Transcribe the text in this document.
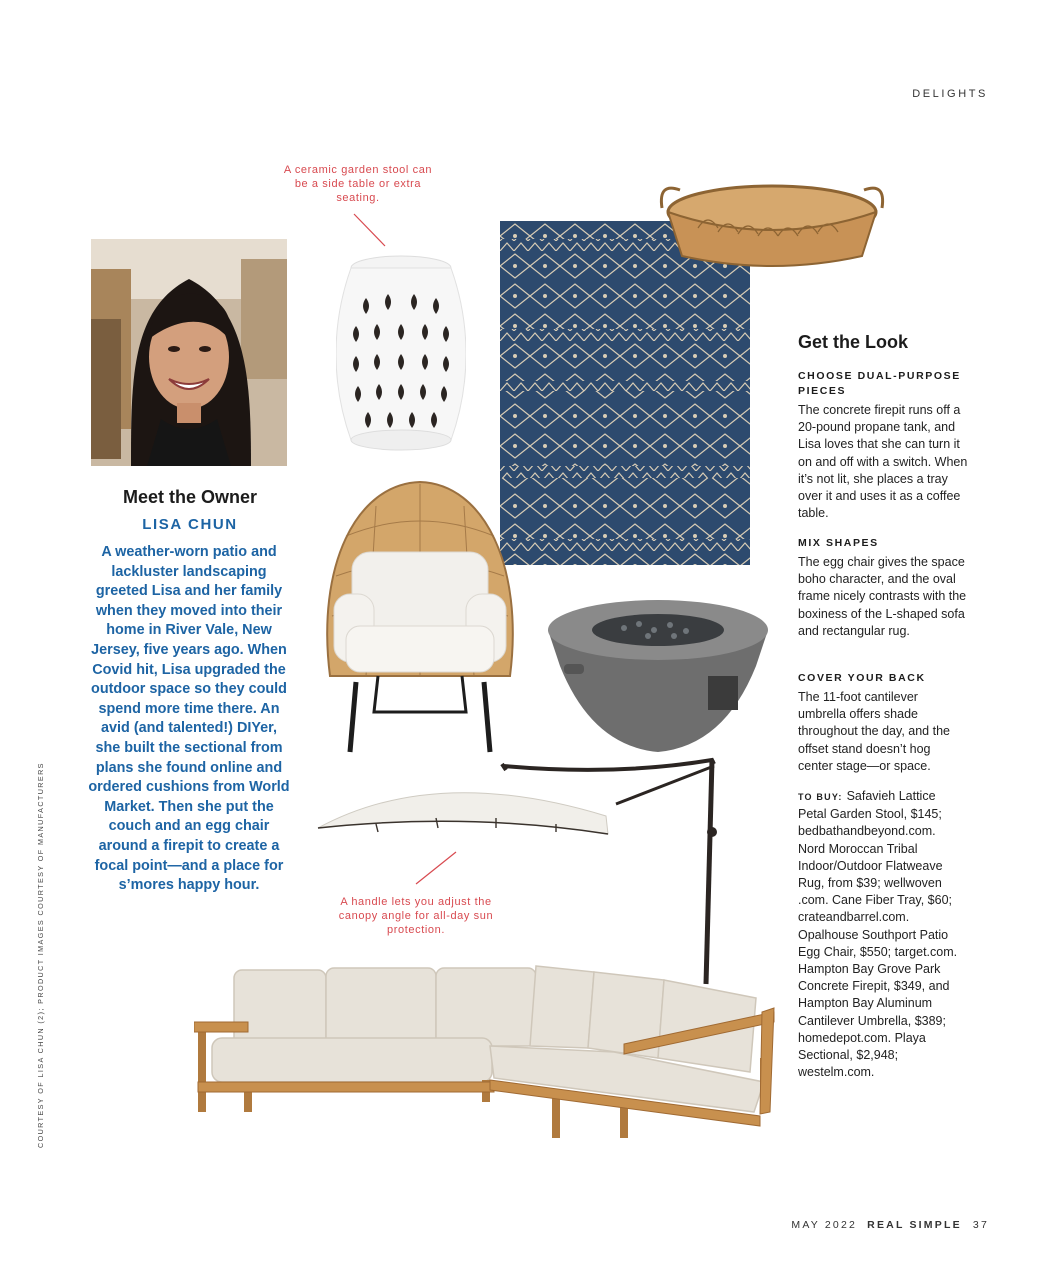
DELIGHTS
Meet the Owner
LISA CHUN
A weather-worn patio and lackluster landscaping greeted Lisa and her family when they moved into their home in River Vale, New Jersey, five years ago. When Covid hit, Lisa upgraded the outdoor space so they could spend more time there. An avid (and talented!) DIYer, she built the sectional from plans she found online and ordered cushions from World Market. Then she put the couch and an egg chair around a firepit to create a focal point—and a place for s’mores happy hour.
A ceramic garden stool can be a side table or extra seating.
A handle lets you adjust the canopy angle for all-day sun protection.
COURTESY OF LISA CHUN (2); PRODUCT IMAGES COURTESY OF MANUFACTURERS
Get the Look
CHOOSE DUAL-PURPOSE PIECES
The concrete firepit runs off a 20-pound propane tank, and Lisa loves that she can turn it on and off with a switch. When it’s not lit, she places a tray over it and uses it as a coffee table.
MIX SHAPES
The egg chair gives the space boho character, and the oval frame nicely contrasts with the boxiness of the L-shaped sofa and rectangular rug.
COVER YOUR BACK
The 11-foot cantilever umbrella offers shade throughout the day, and the offset stand doesn’t hog center stage—or space.
TO BUY: Safavieh Lattice Petal Garden Stool, $145; bedbathandbeyond.com. Nord Moroccan Tribal Indoor/Outdoor Flatweave Rug, from $39; wellwoven .com. Cane Fiber Tray, $60; crateandbarrel.com. Opalhouse Southport Patio Egg Chair, $550; target.com. Hampton Bay Grove Park Concrete Firepit, $349, and Hampton Bay Aluminum Cantilever Umbrella, $389; homedepot.com. Playa Sectional, $2,948; westelm.com.
MAY 2022 REAL SIMPLE 37
